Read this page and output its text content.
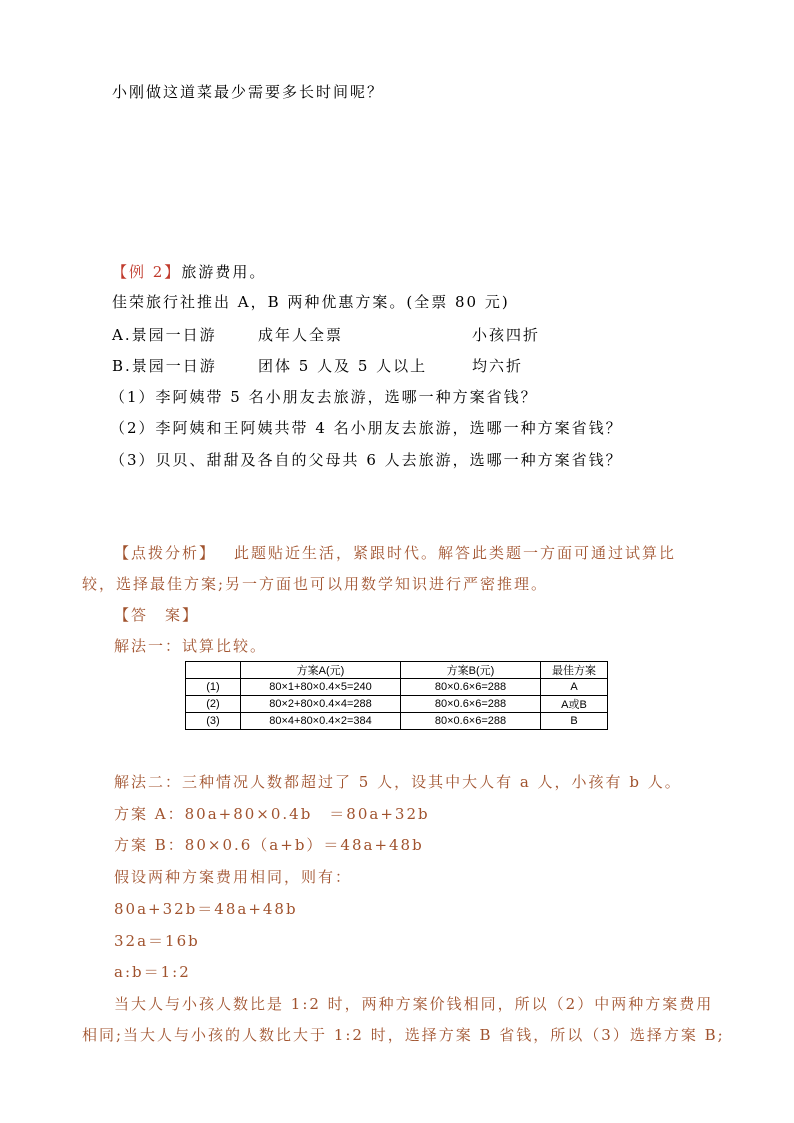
小刚做这道菜最少需要多长时间呢？
【例 2】旅游费用。
佳荣旅行社推出 A，B 两种优惠方案。(全票 80 元)
A.景园一日游	成年人全票	小孩四折
B.景园一日游	团体 5 人及 5 人以上	均六折
（1）李阿姨带 5 名小朋友去旅游，选哪一种方案省钱？
（2）李阿姨和王阿姨共带 4 名小朋友去旅游，选哪一种方案省钱？
（3）贝贝、甜甜及各自的父母共 6 人去旅游，选哪一种方案省钱？
【点拨分析】 此题贴近生活，紧跟时代。解答此类题一方面可通过试算比
较，选择最佳方案;另一方面也可以用数学知识进行严密推理。
【答　案】
解法一：试算比较。
	方案A(元)	方案B(元)	最佳方案
(1)	80×1+80×0.4×5=240	80×0.6×6=288	A
(2)	80×2+80×0.4×4=288	80×0.6×6=288	A或B
(3)	80×4+80×0.4×2=384	80×0.6×6=288	B
解法二：三种情况人数都超过了 5 人，设其中大人有 a 人，小孩有 b 人。
方案 A：80a+80×0.4b　＝80a+32b
方案 B：80×0.6（a+b）＝48a+48b
假设两种方案费用相同，则有：
80a+32b＝48a+48b
32a＝16b
a:b＝1:2
当大人与小孩人数比是 1:2 时，两种方案价钱相同，所以（2）中两种方案费用
相同;当大人与小孩的人数比大于 1:2 时，选择方案 B 省钱，所以（3）选择方案 B;
